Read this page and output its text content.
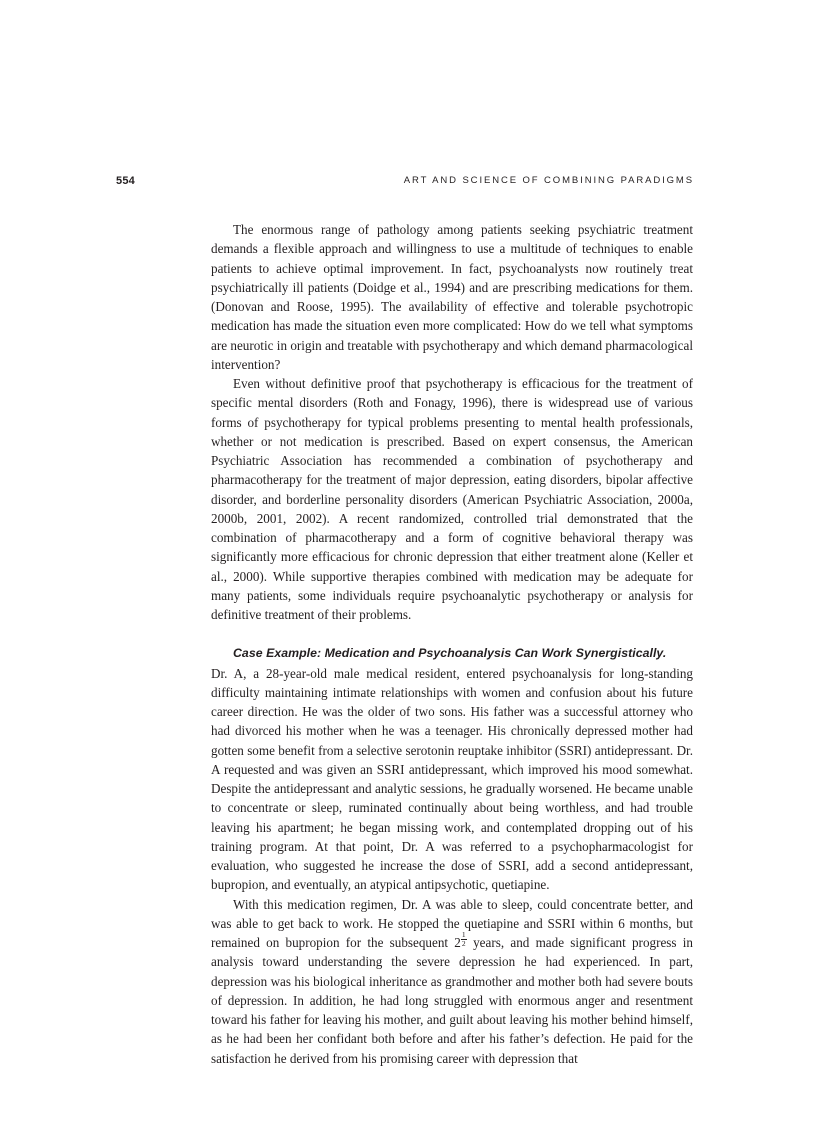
554	ART AND SCIENCE OF COMBINING PARADIGMS

The enormous range of pathology among patients seeking psychiatric treatment demands a flexible approach and willingness to use a multitude of techniques to enable patients to achieve optimal improvement. In fact, psychoanalysts now routinely treat psychiatrically ill patients (Doidge et al., 1994) and are prescribing medications for them. (Donovan and Roose, 1995). The availability of effective and tolerable psychotropic medication has made the situation even more complicated: How do we tell what symptoms are neurotic in origin and treatable with psychotherapy and which demand pharmacological intervention?

Even without definitive proof that psychotherapy is efficacious for the treatment of specific mental disorders (Roth and Fonagy, 1996), there is widespread use of various forms of psychotherapy for typical problems presenting to mental health professionals, whether or not medication is prescribed. Based on expert consensus, the American Psychiatric Association has recommended a combination of psychotherapy and pharmacotherapy for the treatment of major depression, eating disorders, bipolar affective disorder, and borderline personality disorders (American Psychiatric Association, 2000a, 2000b, 2001, 2002). A recent randomized, controlled trial demonstrated that the combination of pharmacotherapy and a form of cognitive behavioral therapy was significantly more efficacious for chronic depression that either treatment alone (Keller et al., 2000). While supportive therapies combined with medication may be adequate for many patients, some individuals require psychoanalytic psychotherapy or analysis for definitive treatment of their problems.

Case Example: Medication and Psychoanalysis Can Work Synergistically.
Dr. A, a 28-year-old male medical resident, entered psychoanalysis for long-standing difficulty maintaining intimate relationships with women and confusion about his future career direction. He was the older of two sons. His father was a successful attorney who had divorced his mother when he was a teenager. His chronically depressed mother had gotten some benefit from a selective serotonin reuptake inhibitor (SSRI) antidepressant. Dr. A requested and was given an SSRI antidepressant, which improved his mood somewhat. Despite the antidepressant and analytic sessions, he gradually worsened. He became unable to concentrate or sleep, ruminated continually about being worthless, and had trouble leaving his apartment; he began missing work, and contemplated dropping out of his training program. At that point, Dr. A was referred to a psychopharmacologist for evaluation, who suggested he increase the dose of SSRI, add a second antidepressant, bupropion, and eventually, an atypical antipsychotic, quetiapine.

With this medication regimen, Dr. A was able to sleep, could concentrate better, and was able to get back to work. He stopped the quetiapine and SSRI within 6 months, but remained on bupropion for the subsequent $2 \frac{1}{2}$ years, and made significant progress in analysis toward understanding the severe depression he had experienced. In part, depression was his biological inheritance as grandmother and mother both had severe bouts of depression. In addition, he had long struggled with enormous anger and resentment toward his father for leaving his mother, and guilt about leaving his mother behind himself, as he had been her confidant both before and after his father’s defection. He paid for the satisfaction he derived from his promising career with depression that
